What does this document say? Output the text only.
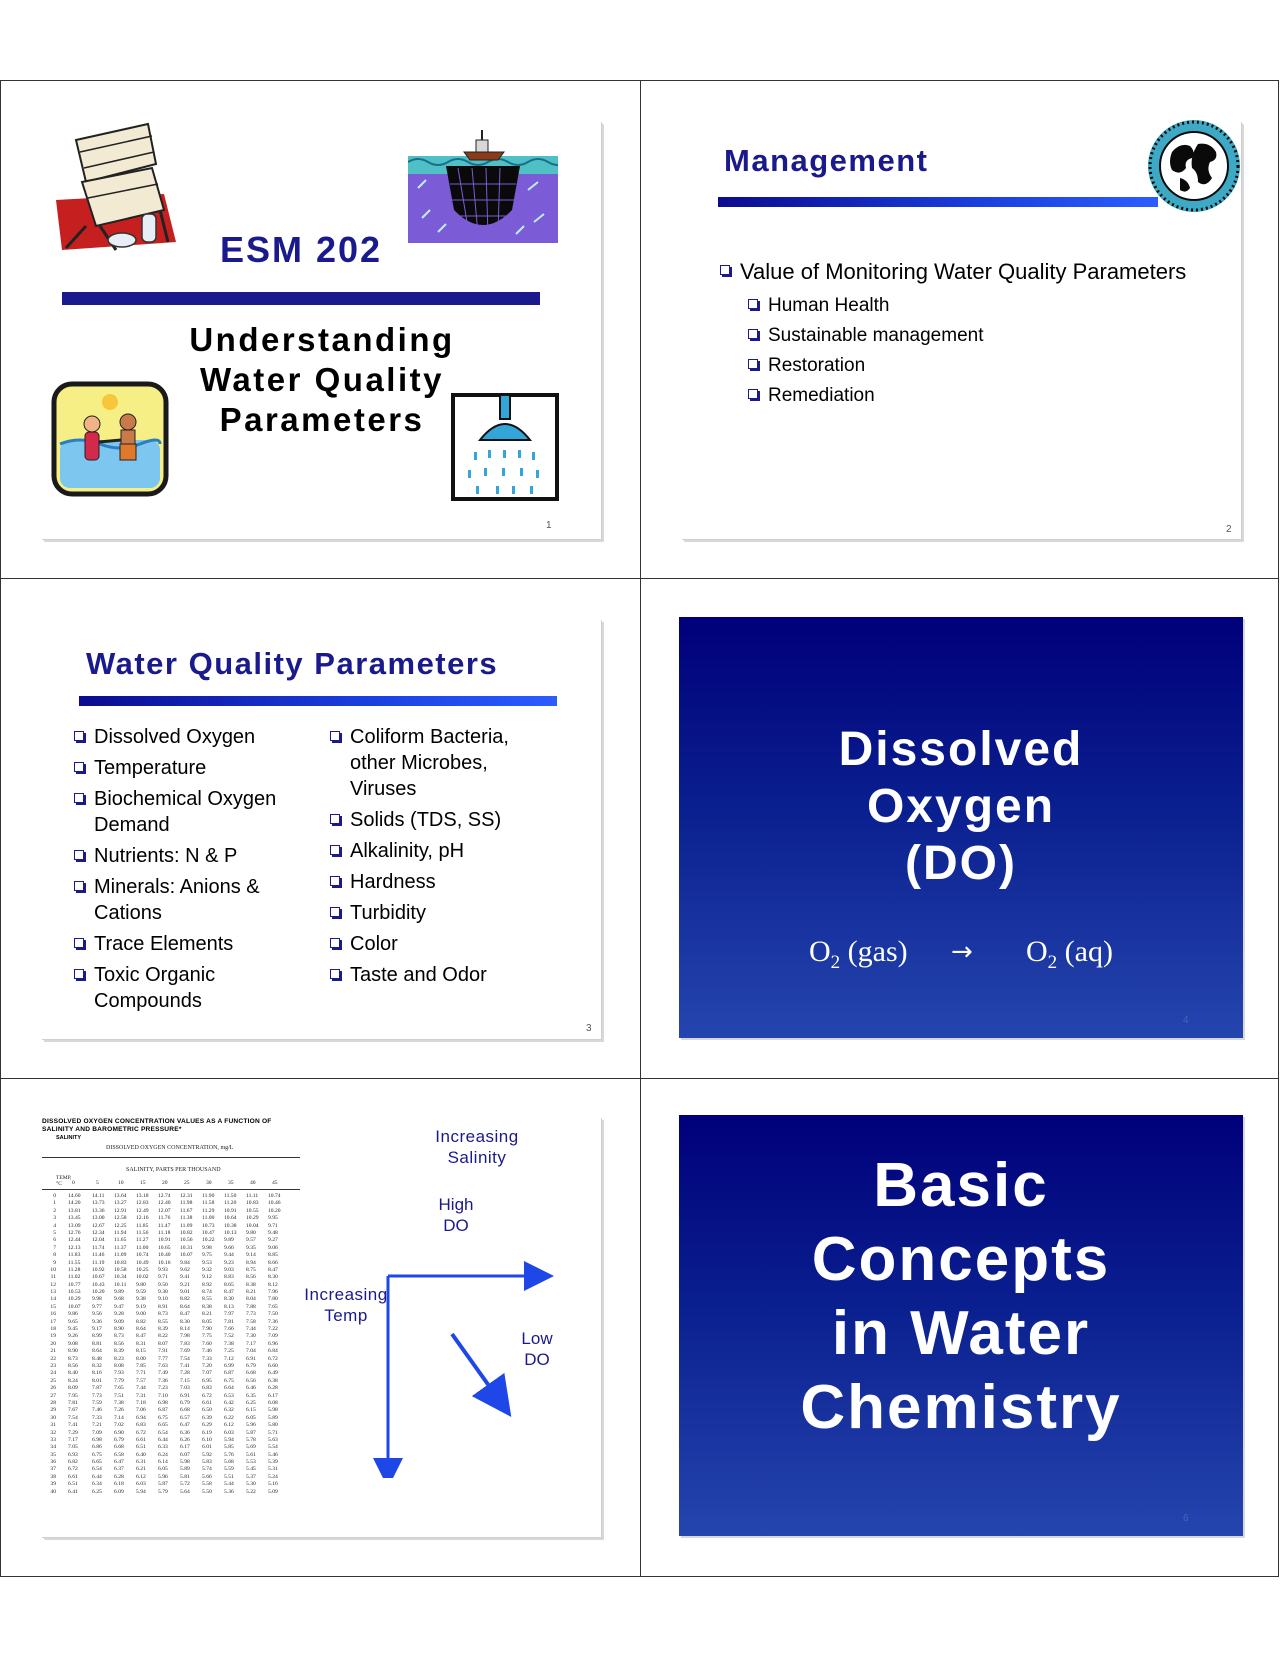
ESM 202
Understanding
Water Quality
Parameters
1
Management
Value of Monitoring Water Quality Parameters
Human Health
Sustainable management
Restoration
Remediation
2
Water Quality Parameters
Dissolved Oxygen
Temperature
Biochemical Oxygen Demand
Nutrients: N & P
Minerals: Anions & Cations
Trace Elements
Toxic Organic Compounds
Coliform Bacteria, other Microbes, Viruses
Solids (TDS, SS)
Alkalinity, pH
Hardness
Turbidity
Color
Taste and Odor
3
Dissolved
Oxygen
(DO)
$O_2$ $(gas) \to O_2$ (aq)
4
DISSOLVED OXYGEN CONCENTRATION VALUES AS A FUNCTION OF SALINITY AND BAROMETRIC PRESSURE*
SALINITY
DISSOLVED OXYGEN CONCENTRATION, mg/L
SALINITY, PARTS PER THOUSAND
TEMP, °C	0	5	10	15	20	25	30	35	40	45
0 14.60 14.11 13.64 13.18 12.74 12.31 11.90 11.50 11.11 10.74
1 14.20 13.73 13.27 12.83 12.40 11.98 11.58 11.20 10.83 10.46
2 13.81 13.36 12.91 12.49 12.07 11.67 11.29 10.91 10.55 10.20
3 13.45 13.00 12.58 12.16 11.76 11.38 11.00 10.64 10.29 9.95
4 13.09 12.67 12.25 11.85 11.47 11.09 10.73 10.38 10.04 9.71
5 12.76 12.34 11.94 11.56 11.18 10.82 10.47 10.13 9.80 9.48
6 12.44 12.04 11.65 11.27 10.91 10.56 10.22 9.89 9.57 9.27
7 12.13 11.74 11.37 11.00 10.65 10.31 9.98 9.66 9.35 9.06
8 11.83 11.46 11.09 10.74 10.40 10.07 9.75 9.44 9.14 8.85
9 11.55 11.19 10.83 10.49 10.16 9.84 9.53 9.23 8.94 8.66
10 11.28 10.92 10.58 10.25 9.93 9.62 9.32 9.03 8.75 8.47
11 11.02 10.67 10.34 10.02 9.71 9.41 9.12 8.83 8.56 8.30
12 10.77 10.43 10.11 9.80 9.50 9.21 8.92 8.65 8.38 8.12
13 10.53 10.20 9.89 9.59 9.30 9.01 8.74 8.47 8.21 7.96
14 10.29 9.98 9.68 9.38 9.10 8.82 8.55 8.30 8.04 7.80
15 10.07 9.77 9.47 9.19 8.91 8.64 8.38 8.13 7.88 7.65
16 9.86	9.56 9.28 9.00 8.73 8.47 8.21 7.97 7.73 7.50
17 9.65	9.36 9.09 8.82 8.55 8.30 8.05 7.81 7.58 7.36
18 9.45	9.17 8.90 8.64 8.39 8.14 7.90 7.66 7.44 7.22
19 9.26	8.99 8.73 8.47 8.22 7.98 7.75 7.52 7.30 7.09
20 9.08	8.81 8.56 8.31 8.07 7.83 7.60 7.38 7.17 6.96
21 8.90	8.64 8.39 8.15 7.91 7.69 7.46 7.25 7.04 6.84
22 8.73	8.48 8.23 8.00 7.77 7.54 7.33 7.12 6.91 6.72
23 8.56	8.32 8.08 7.85 7.63 7.41 7.20 6.99 6.79 6.60
24 8.40	8.16 7.93 7.71 7.49 7.28 7.07 6.87 6.68 6.49
25 8.24	8.01 7.79 7.57 7.36 7.15 6.95 6.75 6.56 6.38
26 8.09	7.87 7.65 7.44 7.23 7.03 6.83 6.64 6.46 6.28
27 7.95	7.73 7.51 7.31 7.10 6.91 6.72 6.53 6.35 6.17
28 7.81	7.59 7.38 7.18 6.98 6.79 6.61 6.42 6.25 6.08
29 7.67	7.46 7.26 7.06 6.87 6.68 6.50 6.32 6.15 5.98
30 7.54	7.33 7.14 6.94 6.75 6.57 6.39 6.22 6.05 5.89
31 7.41	7.21 7.02 6.83 6.65 6.47 6.29 6.12 5.96 5.80
32 7.29	7.09 6.90 6.72 6.54 6.36 6.19 6.03 5.87 5.71
33 7.17	6.98 6.79 6.61 6.44 6.26 6.10 5.94 5.78 5.63
34 7.05	6.86 6.68 6.51 6.33 6.17 6.01 5.85 5.69 5.54
35 6.93	6.75 6.58 6.40 6.24 6.07 5.92 5.76 5.61 5.46
36 6.82	6.65 6.47 6.31 6.14 5.98 5.83 5.68 5.53 5.39
37 6.72	6.54 6.37 6.21 6.05 5.89 5.74 5.59 5.45 5.31
38 6.61	6.44 6.28 6.12 5.96 5.81 5.66 5.51 5.37 5.24
39 6.51	6.34 6.18 6.03 5.87 5.72 5.58 5.44 5.30 5.16
40 6.41	6.25 6.09 5.94 5.79 5.64 5.50 5.36 5.22 5.09
Increasing
Salinity
High
DO
Increasing
Temp
Low
DO
5
Basic
Concepts
in Water
Chemistry
6
